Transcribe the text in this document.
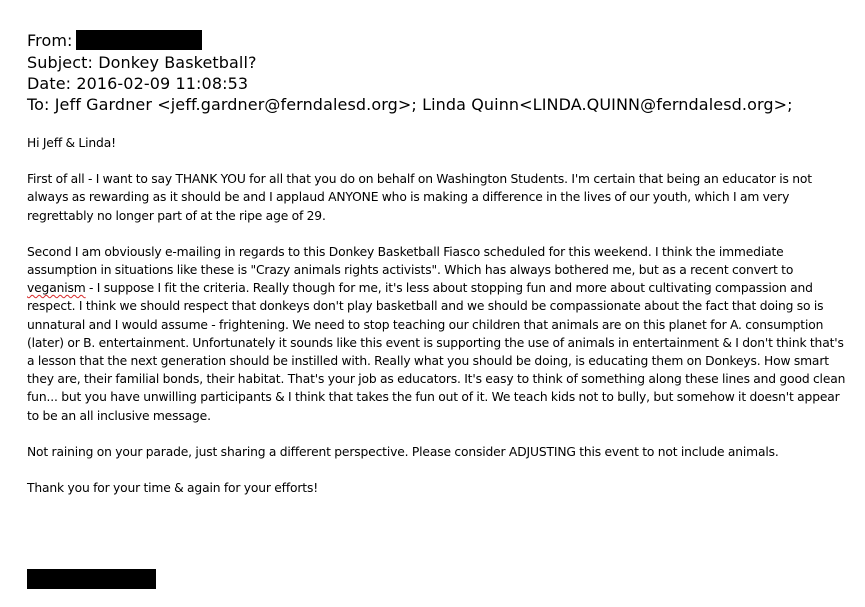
From:
Subject: Donkey Basketball?
Date: 2016-02-09 11:08:53
To: Jeff Gardner <jeff.gardner@ferndalesd.org>; Linda Quinn<LINDA.QUINN@ferndalesd.org>;

Hi Jeff & Linda!

First of all - I want to say THANK YOU for all that you do on behalf on Washington Students. I'm certain that being an educator is not always as rewarding as it should be and I applaud ANYONE who is making a difference in the lives of our youth, which I am very regrettably no longer part of at the ripe age of 29.

Second I am obviously e-mailing in regards to this Donkey Basketball Fiasco scheduled for this weekend. I think the immediate assumption in situations like these is "Crazy animals rights activists". Which has always bothered me, but as a recent convert to veganism - I suppose I fit the criteria. Really though for me, it's less about stopping fun and more about cultivating compassion and respect. I think we should respect that donkeys don't play basketball and we should be compassionate about the fact that doing so is unnatural and I would assume - frightening. We need to stop teaching our children that animals are on this planet for A. consumption (later) or B. entertainment. Unfortunately it sounds like this event is supporting the use of animals in entertainment & I don't think that's a lesson that the next generation should be instilled with. Really what you should be doing, is educating them on Donkeys. How smart they are, their familial bonds, their habitat. That's your job as educators. It's easy to think of something along these lines and good clean fun... but you have unwilling participants & I think that takes the fun out of it. We teach kids not to bully, but somehow it doesn't appear to be an all inclusive message.

Not raining on your parade, just sharing a different perspective. Please consider ADJUSTING this event to not include animals.

Thank you for your time & again for your efforts!
